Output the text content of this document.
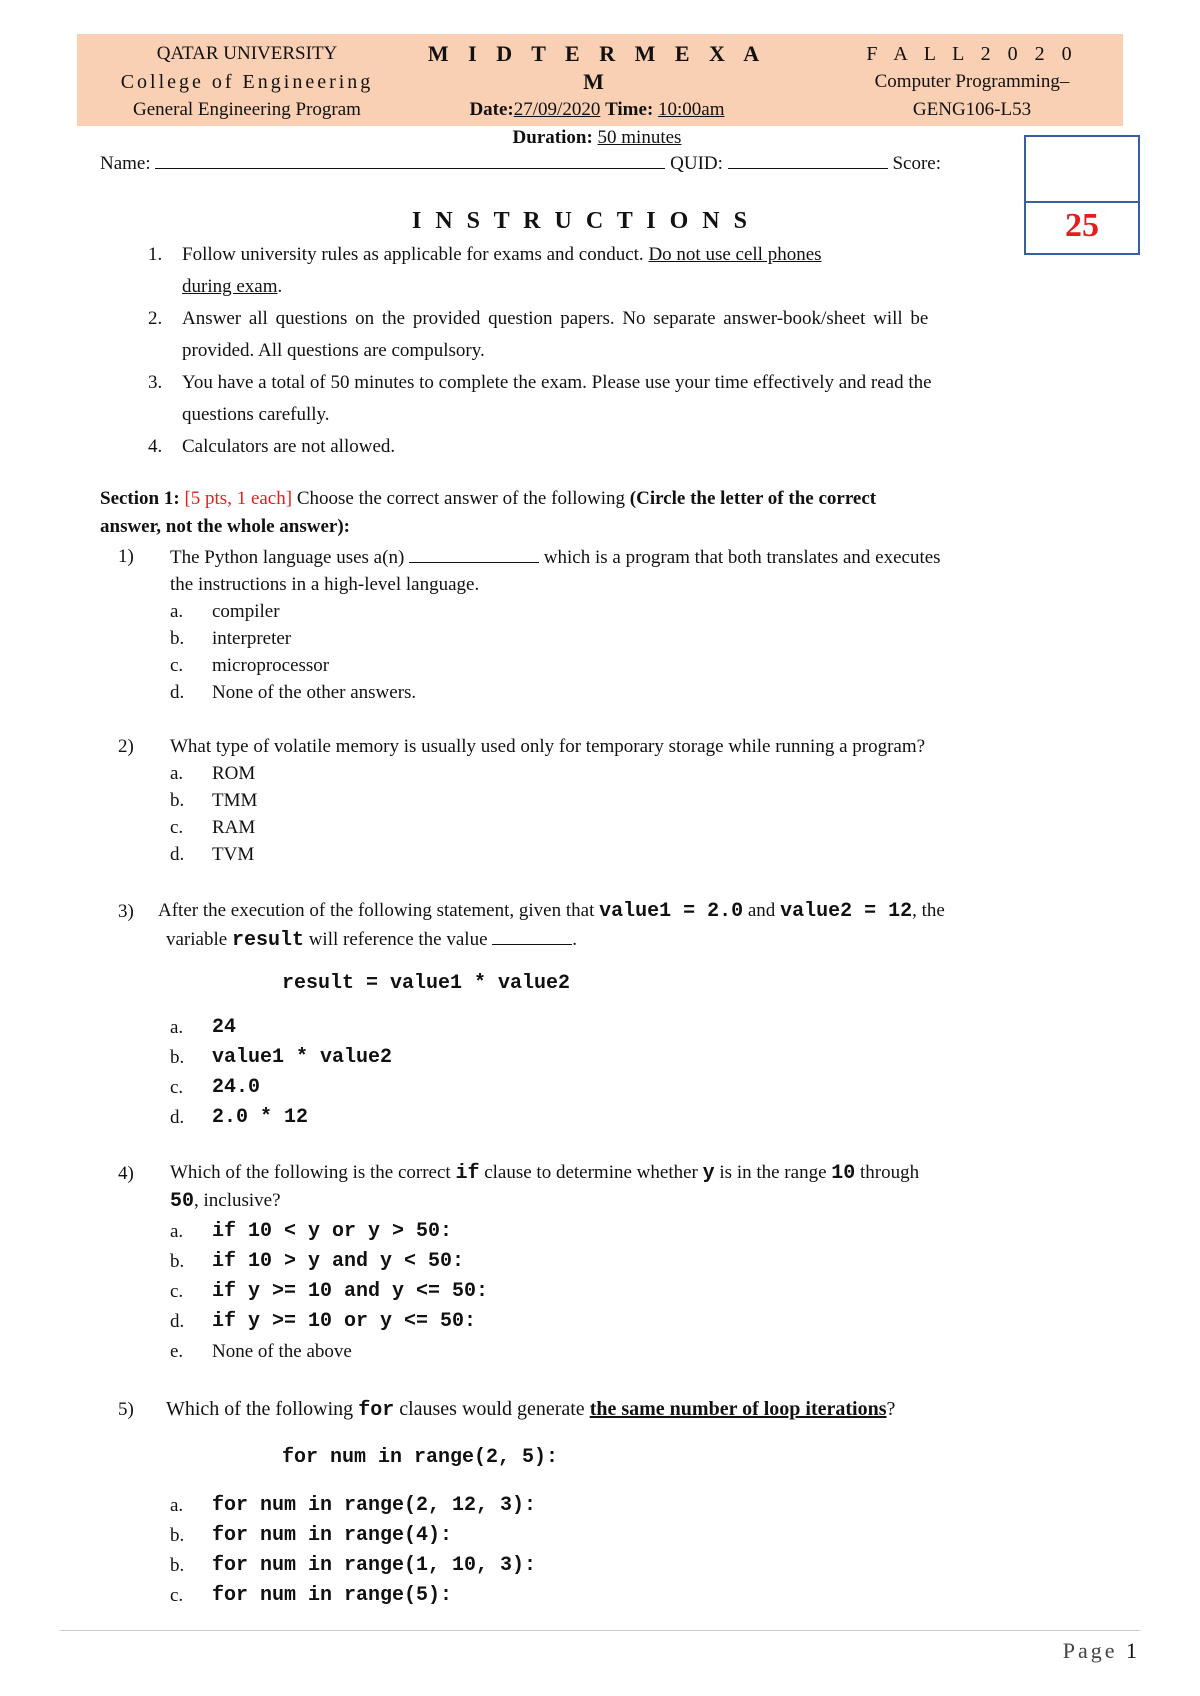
QATAR UNIVERSITY
College of Engineering
General Engineering Program
M I D T E R M E X A M
Date:27/09/2020 Time: 10:00am
Duration: 50 minutes
F A L L 2 0 2 0
Computer Programming–
GENG106-L53
Name:	QUID:	Score:
25
I N S T R U C T I O N S
1. Follow university rules as applicable for exams and conduct. Do not use cell phones
during exam.
2. Answer all questions on the provided question papers. No separate answer-book/sheet will be
provided. All questions are compulsory.
3. You have a total of 50 minutes to complete the exam. Please use your time effectively and read the
questions carefully.
4. Calculators are not allowed.
Section 1: [5 pts, 1 each] Choose the correct answer of the following (Circle the letter of the correct
answer, not the whole answer):
1) The Python language uses a(n)	which is a program that both translates and executes
the instructions in a high-level language.
a. compiler
b. interpreter
c. microprocessor
d. None of the other answers.
2) What type of volatile memory is usually used only for temporary storage while running a program?
a. ROM
b. TMM
c. RAM
d. TVM
3) After the execution of the following statement, given that value1 = 2.0 and value2 = 12, the
variable result will reference the value	.
result = value1 * value2
a. 24
b. value1 * value2
c. 24.0
d. 2.0 * 12
4) Which of the following is the correct if clause to determine whether y is in the range 10 through
50, inclusive?
a. if 10 < y or y > 50:
b. if 10 > y and y < 50:
c. if y >= 10 and y <= 50:
d. if y >= 10 or y <= 50:
e. None of the above
5) Which of the following for clauses would generate the same number of loop iterations?
for num in range(2, 5):
a. for num in range(2, 12, 3):
b. for num in range(4):
b. for num in range(1, 10, 3):
c. for num in range(5):
Page 1
